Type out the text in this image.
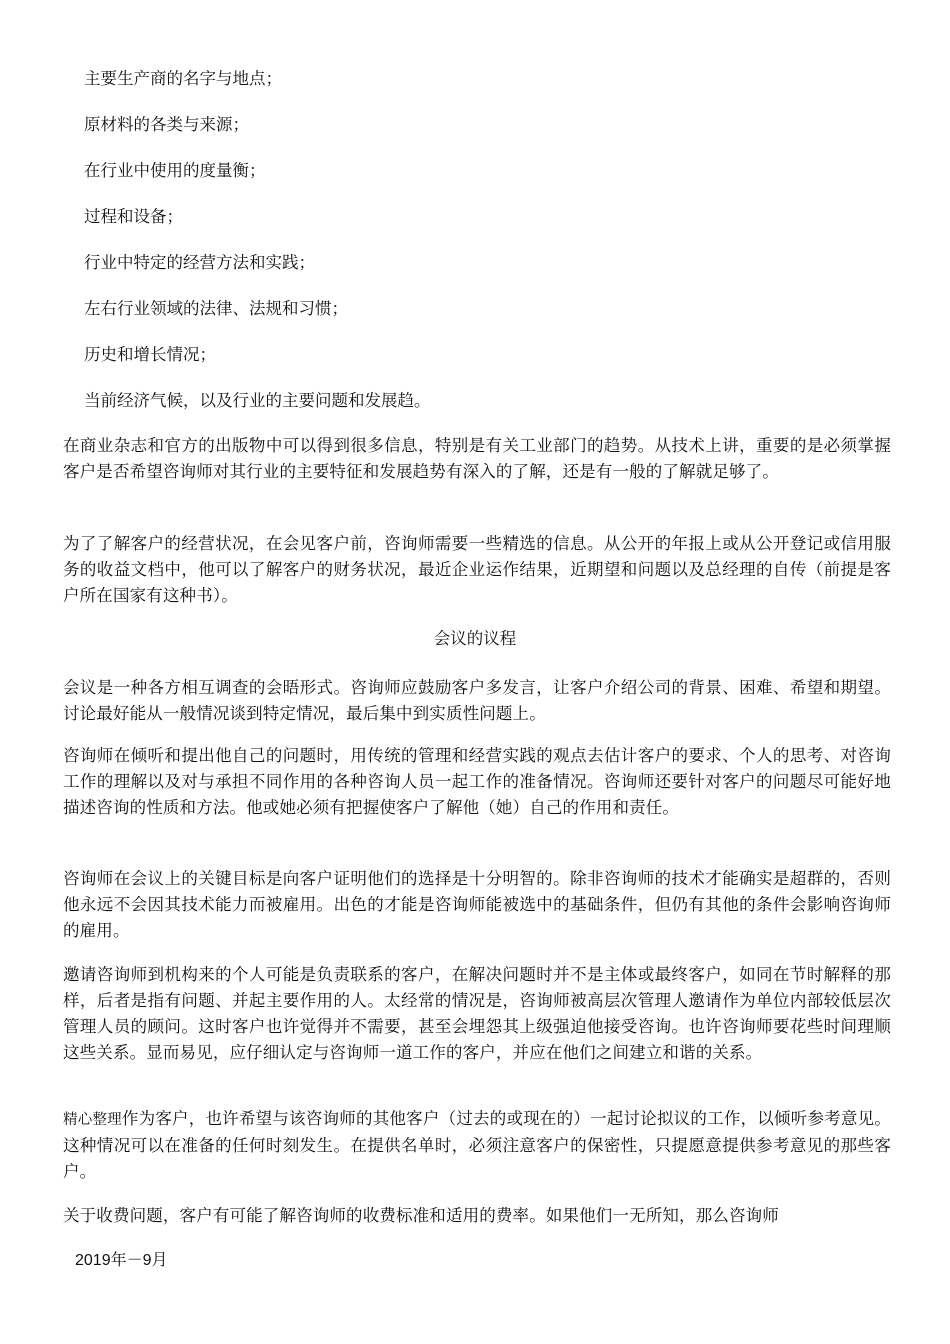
主要生产商的名字与地点；
原材料的各类与来源；
在行业中使用的度量衡；
过程和设备；
行业中特定的经营方法和实践；
左右行业领域的法律、法规和习惯；
历史和增长情况；
当前经济气候，以及行业的主要问题和发展趋。
在商业杂志和官方的出版物中可以得到很多信息，特别是有关工业部门的趋势。从技术上讲，重要的是必须掌握客户是否希望咨询师对其行业的主要特征和发展趋势有深入的了解，还是有一般的了解就足够了。
为了了解客户的经营状况，在会见客户前，咨询师需要一些精选的信息。从公开的年报上或从公开登记或信用服务的收益文档中，他可以了解客户的财务状况，最近企业运作结果，近期望和问题以及总经理的自传（前提是客户所在国家有这种书）。
会议的议程
会议是一种各方相互调查的会晤形式。咨询师应鼓励客户多发言，让客户介绍公司的背景、困难、希望和期望。讨论最好能从一般情况谈到特定情况，最后集中到实质性问题上。
咨询师在倾听和提出他自己的问题时，用传统的管理和经营实践的观点去估计客户的要求、个人的思考、对咨询工作的理解以及对与承担不同作用的各种咨询人员一起工作的准备情况。咨询师还要针对客户的问题尽可能好地描述咨询的性质和方法。他或她必须有把握使客户了解他（她）自己的作用和责任。
咨询师在会议上的关键目标是向客户证明他们的选择是十分明智的。除非咨询师的技术才能确实是超群的，否则他永远不会因其技术能力而被雇用。出色的才能是咨询师能被选中的基础条件，但仍有其他的条件会影响咨询师的雇用。
邀请咨询师到机构来的个人可能是负责联系的客户，在解决问题时并不是主体或最终客户，如同在节时解释的那样，后者是指有问题、并起主要作用的人。太经常的情况是，咨询师被高层次管理人邀请作为单位内部较低层次管理人员的顾问。这时客户也许觉得并不需要，甚至会埋怨其上级强迫他接受咨询。也许咨询师要花些时间理顺这些关系。显而易见，应仔细认定与咨询师一道工作的客户，并应在他们之间建立和谐的关系。
精心整理作为客户，也许希望与该咨询师的其他客户（过去的或现在的）一起讨论拟议的工作，以倾听参考意见。这种情况可以在准备的任何时刻发生。在提供名单时，必须注意客户的保密性，只提愿意提供参考意见的那些客户。
关于收费问题，客户有可能了解咨询师的收费标准和适用的费率。如果他们一无所知，那么咨询师
2019年－9月
